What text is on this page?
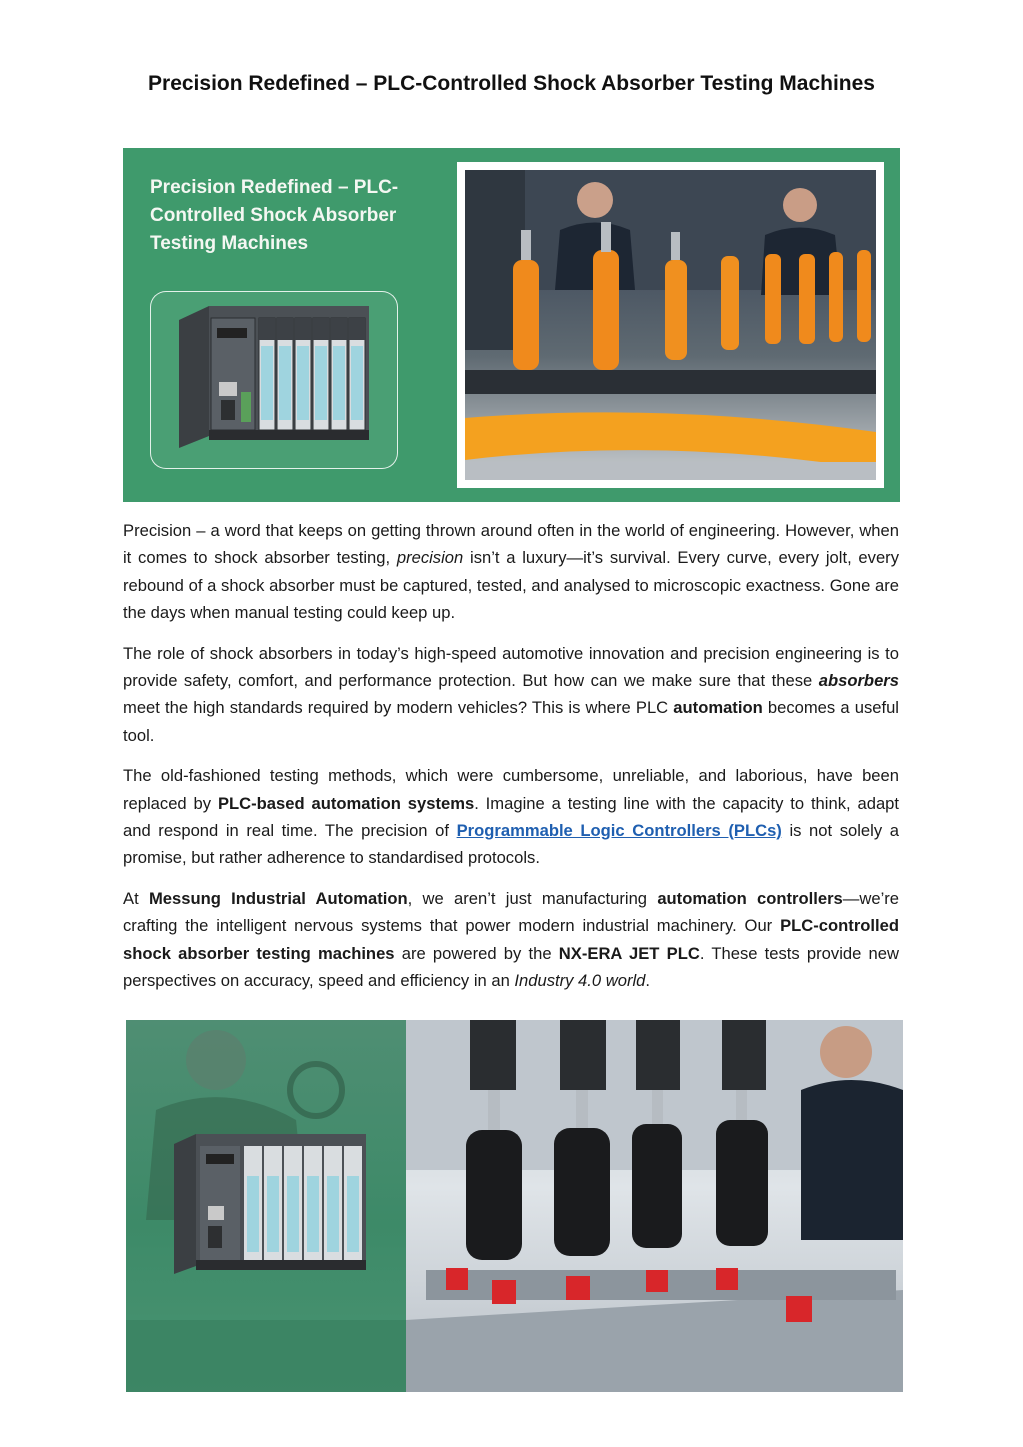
Precision Redefined – PLC-Controlled Shock Absorber Testing Machines
Precision Redefined – PLC-
Controlled Shock Absorber
Testing Machines

Precision – a word that keeps on getting thrown around often in the world of engineering. However, when it comes to shock absorber testing, precision isn’t a luxury—it’s survival. Every curve, every jolt, every rebound of a shock absorber must be captured, tested, and analysed to microscopic exactness. Gone are the days when manual testing could keep up.

The role of shock absorbers in today’s high-speed automotive innovation and precision engineering is to provide safety, comfort, and performance protection. But how can we make sure that these absorbers meet the high standards required by modern vehicles? This is where PLC automation becomes a useful tool.

The old-fashioned testing methods, which were cumbersome, unreliable, and laborious, have been replaced by PLC-based automation systems. Imagine a testing line with the capacity to think, adapt and respond in real time. The precision of Programmable Logic Controllers (PLCs) is not solely a promise, but rather adherence to standardised protocols.

At Messung Industrial Automation, we aren’t just manufacturing automation controllers—we’re crafting the intelligent nervous systems that power modern industrial machinery. Our PLC-controlled shock absorber testing machines are powered by the NX-ERA JET PLC. These tests provide new perspectives on accuracy, speed and efficiency in an Industry 4.0 world.
